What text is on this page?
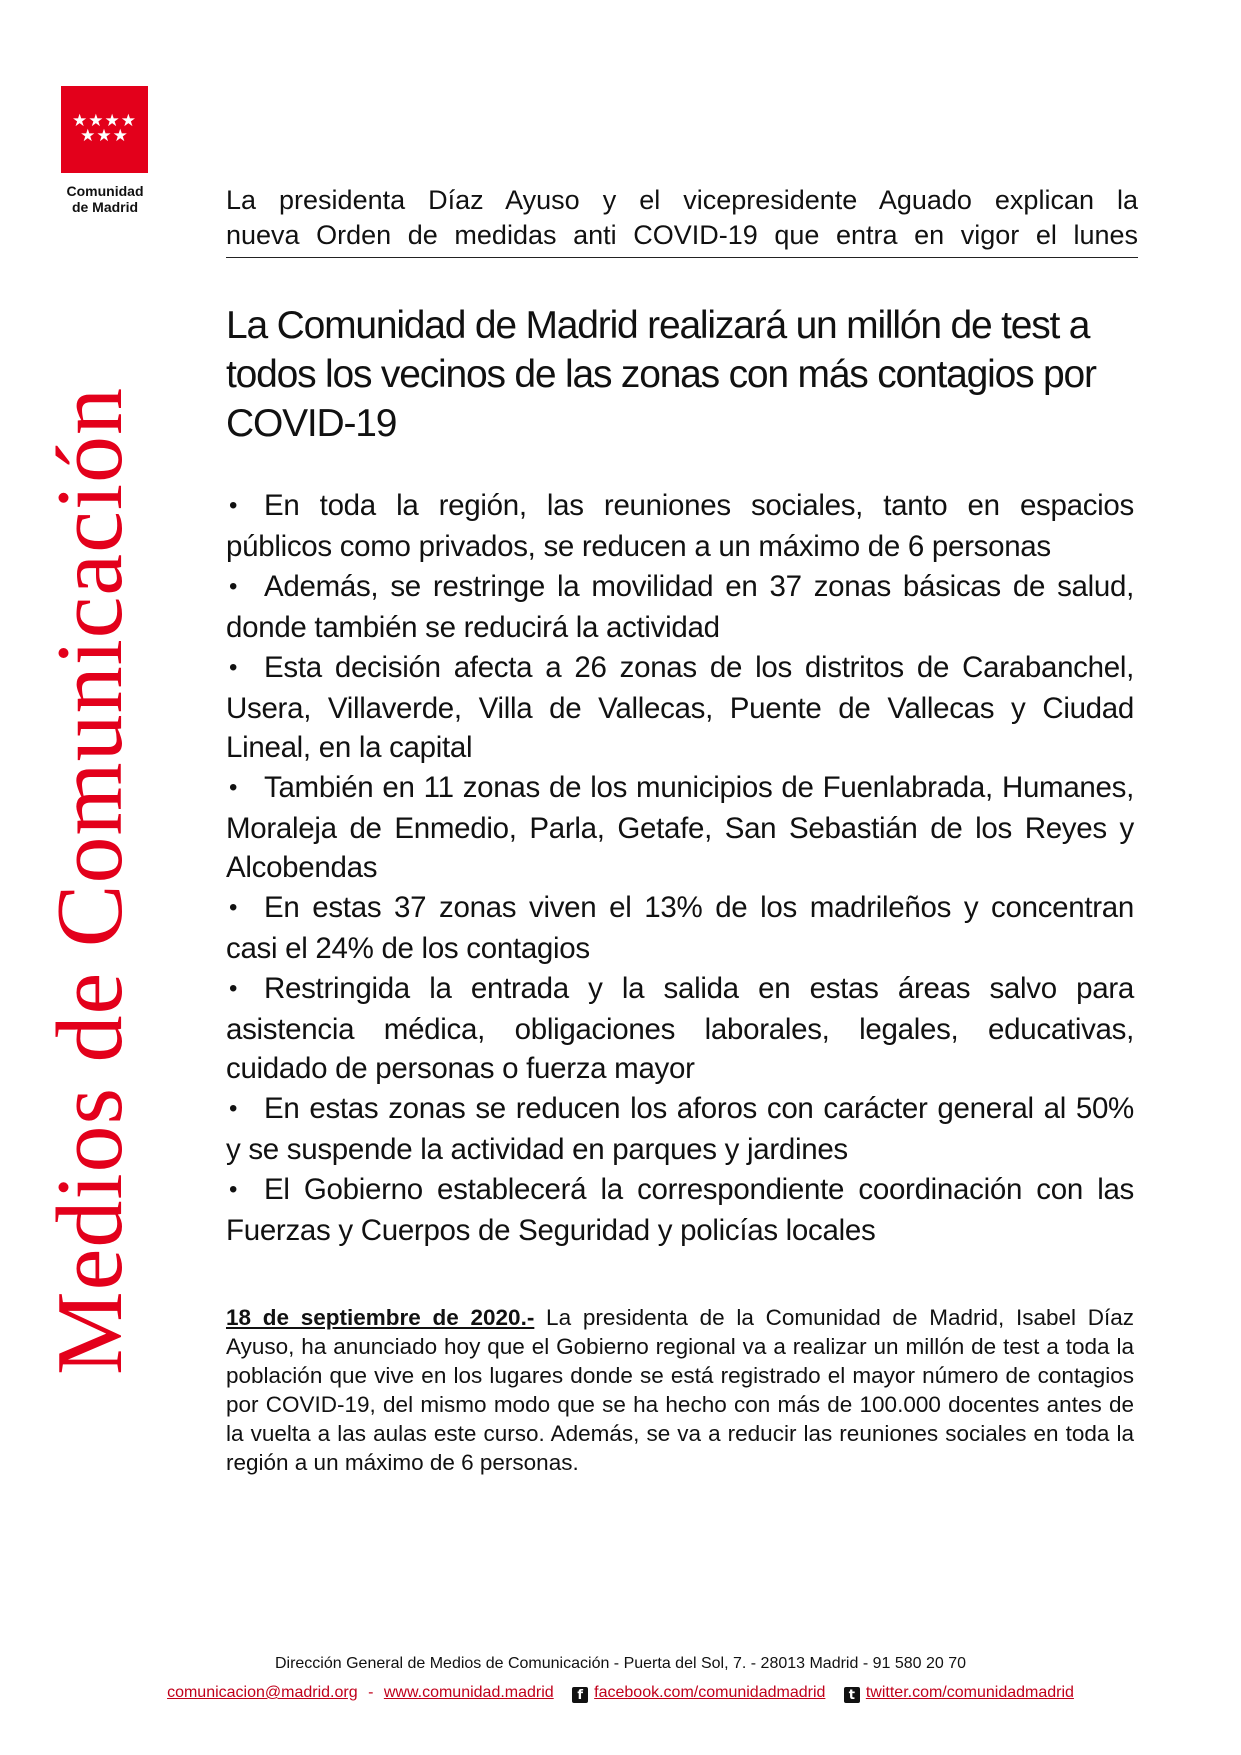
★★★★
★★★
Comunidad
de Madrid
Medios de Comunicación
La presidenta Díaz Ayuso y el vicepresidente Aguado explican la
nueva Orden de medidas anti COVID-19 que entra en vigor el lunes
La Comunidad de Madrid realizará un millón de test a todos los vecinos de las zonas con más contagios por COVID-19
•En toda la región, las reuniones sociales, tanto en espacios públicos como privados, se reducen a un máximo de 6 personas
•Además, se restringe la movilidad en 37 zonas básicas de salud, donde también se reducirá la actividad
•Esta decisión afecta a 26 zonas de los distritos de Carabanchel, Usera, Villaverde, Villa de Vallecas, Puente de Vallecas y Ciudad Lineal, en la capital
•También en 11 zonas de los municipios de Fuenlabrada, Humanes, Moraleja de Enmedio, Parla, Getafe, San Sebastián de los Reyes y Alcobendas
•En estas 37 zonas viven el 13% de los madrileños y concentran casi el 24% de los contagios
•Restringida la entrada y la salida en estas áreas salvo para asistencia médica, obligaciones laborales, legales, educativas, cuidado de personas o fuerza mayor
•En estas zonas se reducen los aforos con carácter general al 50% y se suspende la actividad en parques y jardines
•El Gobierno establecerá la correspondiente coordinación con las Fuerzas y Cuerpos de Seguridad y policías locales
18 de septiembre de 2020.- La presidenta de la Comunidad de Madrid, Isabel Díaz Ayuso, ha anunciado hoy que el Gobierno regional va a realizar un millón de test a toda la población que vive en los lugares donde se está registrado el mayor número de contagios por COVID-19, del mismo modo que se ha hecho con más de 100.000 docentes antes de la vuelta a las aulas este curso. Además, se va a reducir las reuniones sociales en toda la región a un máximo de 6 personas.
Dirección General de Medios de Comunicación - Puerta del Sol, 7. - 28013 Madrid - 91 580 20 70
comunicacion@madrid.org - www.comunidad.madrid f facebook.com/comunidadmadrid t twitter.com/comunidadmadrid
